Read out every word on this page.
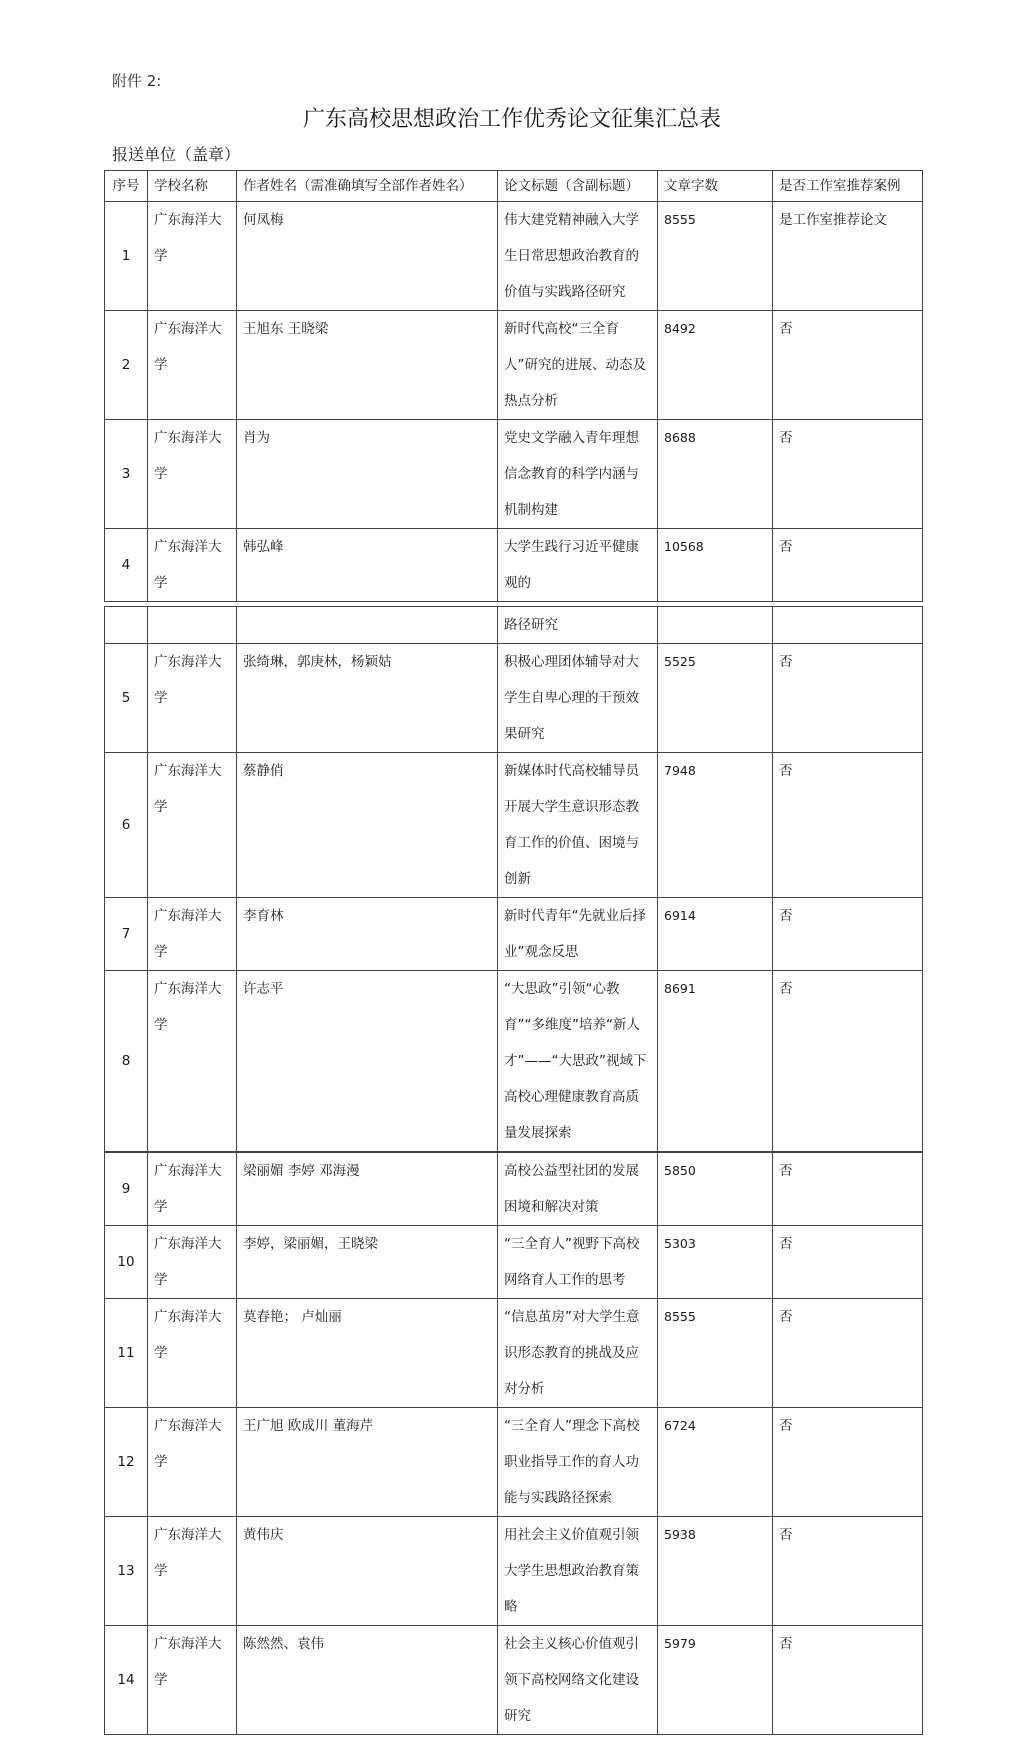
附件 2:
广东高校思想政治工作优秀论文征集汇总表
报送单位（盖章）
序号	学校名称	作者姓名（需准确填写全部作者姓名）	论文标题（含副标题）	文章字数	是否工作室推荐案例
1	广东海洋大学	何凤梅	伟大建党精神融入大学生日常思想政治教育的价值与实践路径研究	8555	是工作室推荐论文
2	广东海洋大学	王旭东 王晓梁	新时代高校“三全育人”研究的进展、动态及热点分析	8492	否
3	广东海洋大学	肖为	党史文学融入青年理想信念教育的科学内涵与机制构建	8688	否
4	广东海洋大学	韩弘峰	大学生践行习近平健康观的	10568	否
			路径研究		
5	广东海洋大学	张绮琳，郭庚林，杨颖姑	积极心理团体辅导对大学生自卑心理的干预效果研究	5525	否
6	广东海洋大学	蔡静俏	新媒体时代高校辅导员开展大学生意识形态教育工作的价值、困境与创新	7948	否
7	广东海洋大学	李育林	新时代青年“先就业后择业”观念反思	6914	否
8	广东海洋大学	许志平	“大思政”引领“心教育”“多维度”培养“新人才”——“大思政”视域下高校心理健康教育高质量发展探索	8691	否
9	广东海洋大学	梁丽媚 李婷 邓海漫	高校公益型社团的发展困境和解决对策	5850	否
10	广东海洋大学	李婷，梁丽媚，王晓梁	“三全育人”视野下高校网络育人工作的思考	5303	否
11	广东海洋大学	莫春艳； 卢灿丽	“信息茧房”对大学生意识形态教育的挑战及应对分析	8555	否
12	广东海洋大学	王广旭 欧成川 董海芹	“三全育人”理念下高校职业指导工作的育人功能与实践路径探索	6724	否
13	广东海洋大学	黄伟庆	用社会主义价值观引领大学生思想政治教育策略	5938	否
14	广东海洋大学	陈然然、袁伟	社会主义核心价值观引领下高校网络文化建设研究	5979	否
